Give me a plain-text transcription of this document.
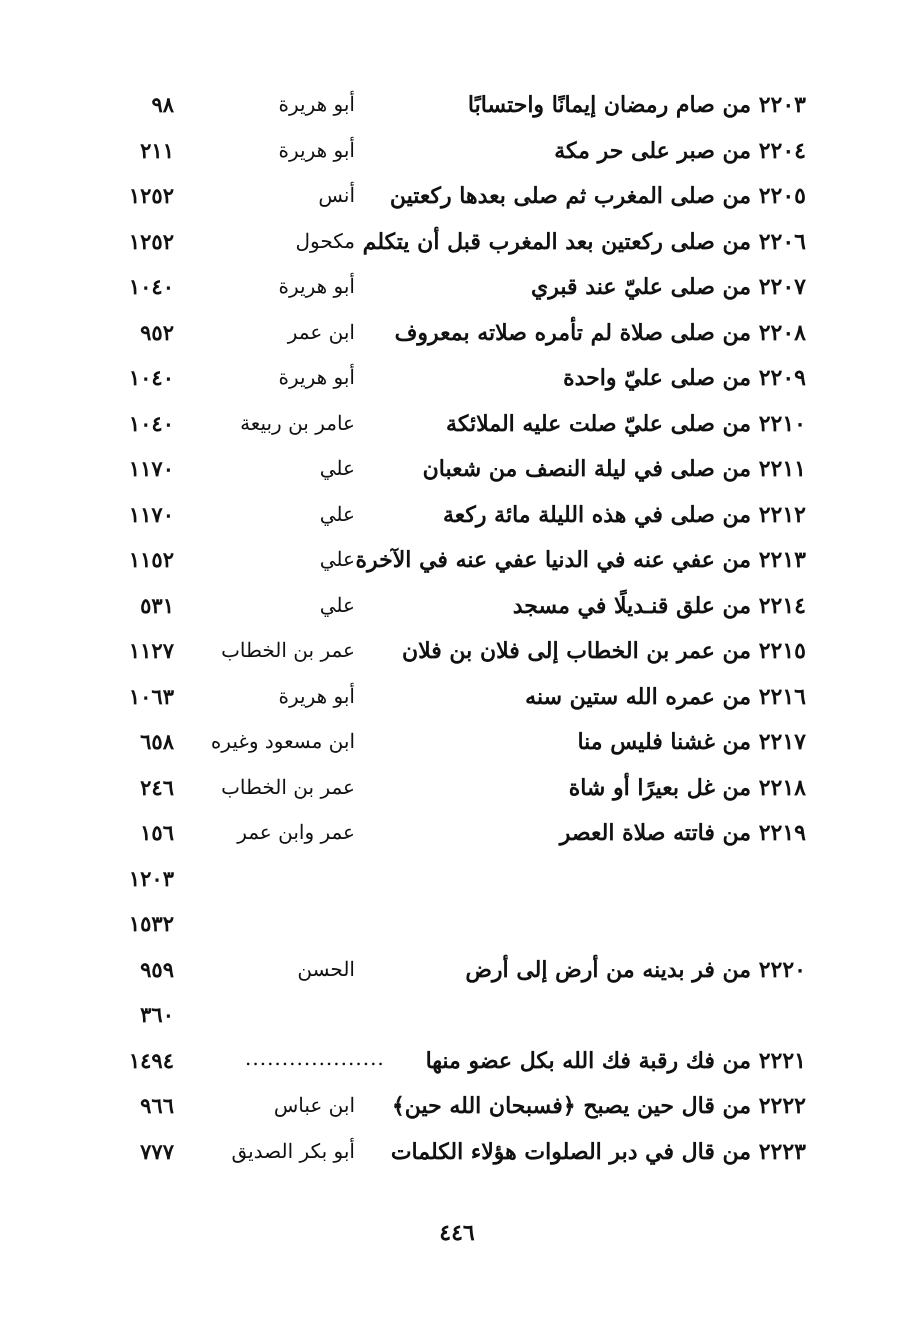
٢٢٠٣ من صام رمضان إيمانًا واحتسابًا
أبو هريرة
٩٨
٢٢٠٤ من صبر على حر مكة
أبو هريرة
٢١١
٢٢٠٥ من صلى المغرب ثم صلى بعدها ركعتين
أنس
١٢٥٢
٢٢٠٦ من صلى ركعتين بعد المغرب قبل أن يتكلم
مكحول
١٢٥٢
٢٢٠٧ من صلى عليّ عند قبري
أبو هريرة
١٠٤٠
٢٢٠٨ من صلى صلاة لم تأمره صلاته بمعروف
ابن عمر
٩٥٢
٢٢٠٩ من صلى عليّ واحدة
أبو هريرة
١٠٤٠
٢٢١٠ من صلى عليّ صلت عليه الملائكة
عامر بن ربيعة
١٠٤٠
٢٢١١ من صلى في ليلة النصف من شعبان
علي
١١٧٠
٢٢١٢ من صلى في هذه الليلة مائة ركعة
علي
١١٧٠
٢٢١٣ من عفي عنه في الدنيا عفي عنه في الآخرة
علي
١١٥٢
٢٢١٤ من علق قنـديلًا في مسجد
علي
٥٣١
٢٢١٥ من عمر بن الخطاب إلى فلان بن فلان
عمر بن الخطاب
١١٢٧
٢٢١٦ من عمره الله ستين سنه
أبو هريرة
١٠٦٣
٢٢١٧ من غشنا فليس منا
ابن مسعود وغيره
٦٥٨
٢٢١٨ من غل بعيرًا أو شاة
عمر بن الخطاب
٢٤٦
٢٢١٩ من فاتته صلاة العصر
عمر وابن عمر
١٥٦
١٢٠٣
١٥٣٢
٢٢٢٠ من فر بدينه من أرض إلى أرض
الحسن
٩٥٩
٣٦٠
٢٢٢١ من فك رقبة فك الله بكل عضو منها
...................
١٤٩٤
٢٢٢٢ من قال حين يصبح ﴿فسبحان الله حين﴾
ابن عباس
٩٦٦
٢٢٢٣ من قال في دبر الصلوات هؤلاء الكلمات
أبو بكر الصديق
٧٧٧
٤٤٦
